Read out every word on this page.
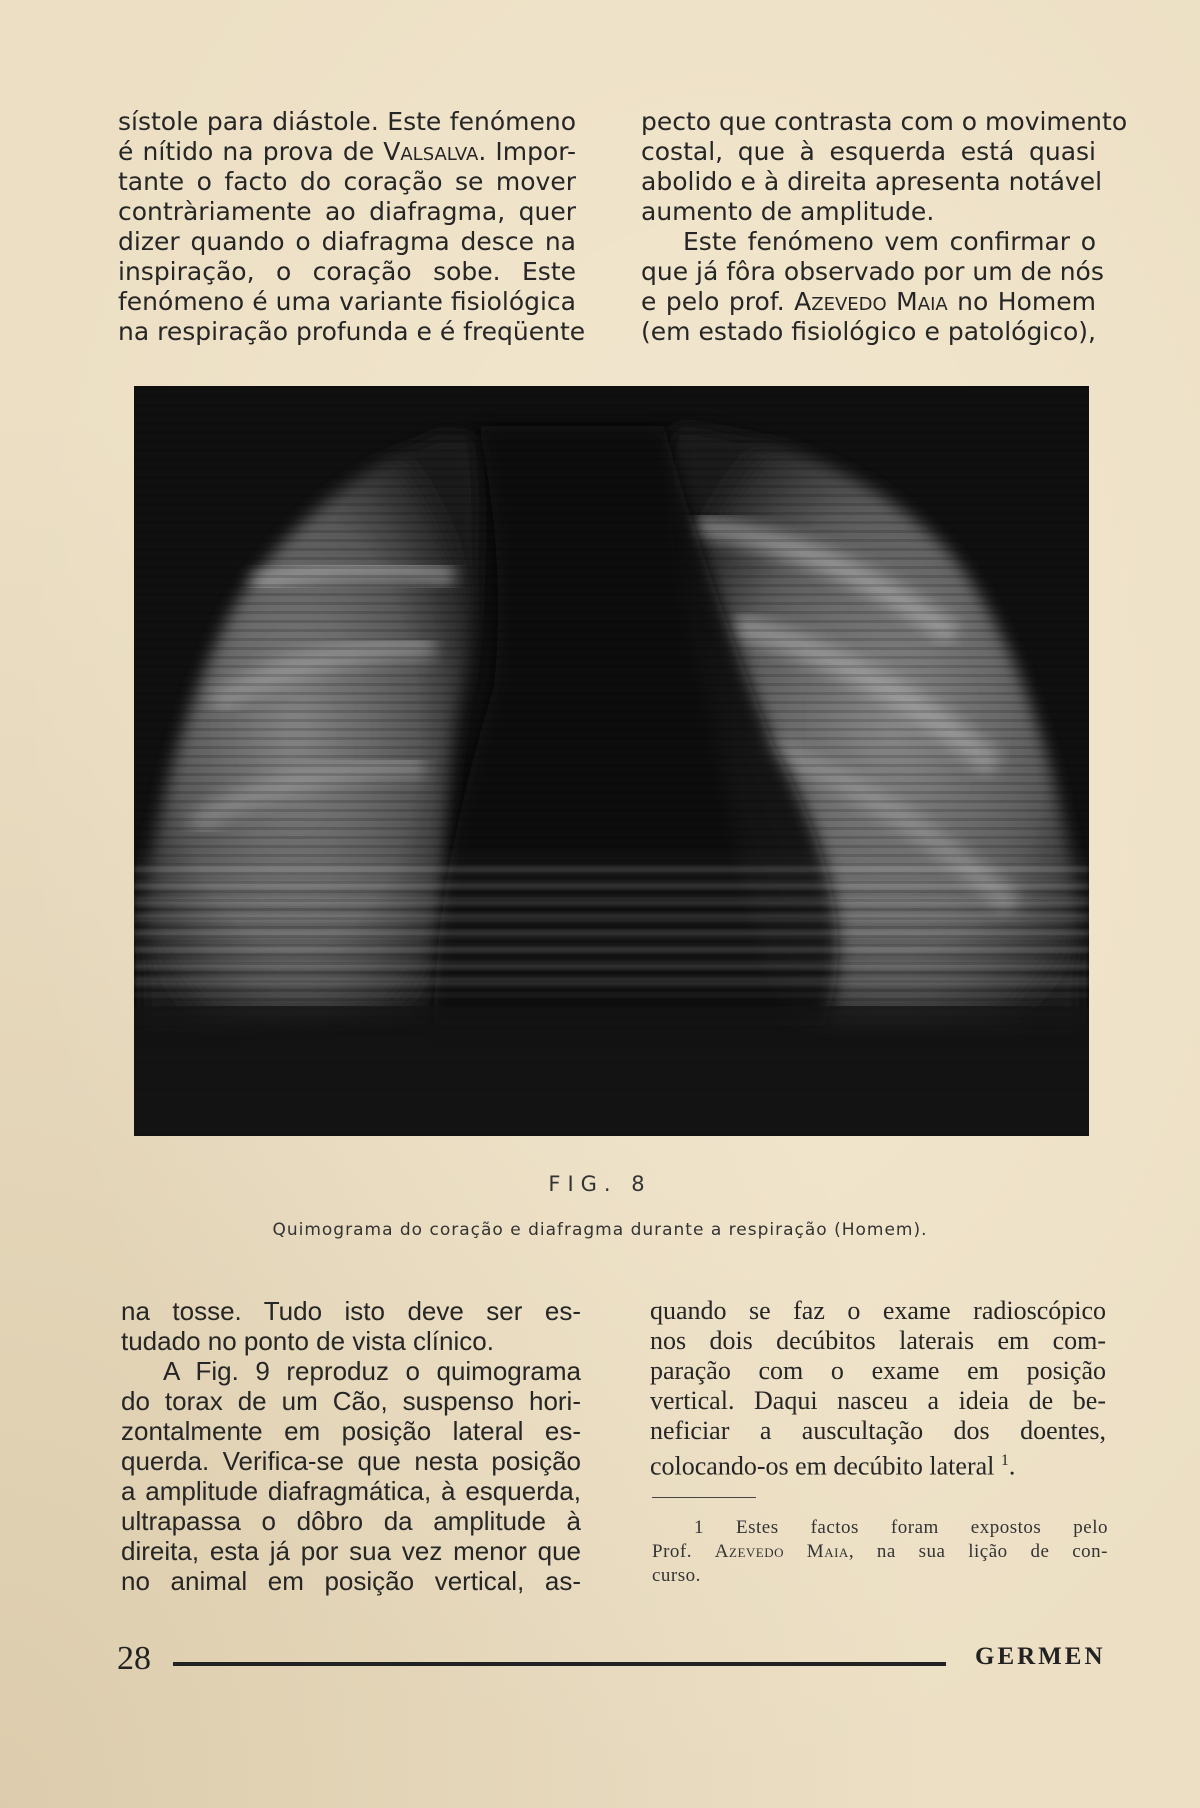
sístole para diástole. Este fenómeno
é nítido na prova de Valsalva. Impor-
tante o facto do coração se mover
contràriamente ao diafragma, quer
dizer quando o diafragma desce na
inspiração, o coração sobe. Este
fenómeno é uma variante fisiológica
na respiração profunda e é freqüente
pecto que contrasta com o movimento
costal, que à esquerda está quasi
abolido e à direita apresenta notável
aumento de amplitude.
Este fenómeno vem confirmar o
que já fôra observado por um de nós
e pelo prof. Azevedo Maia no Homem
(em estado fisiológico e patológico),
FIG. 8
Quimograma do coração e diafragma durante a respiração (Homem).
na tosse. Tudo isto deve ser es-
tudado no ponto de vista clínico.
A Fig. 9 reproduz o quimograma
do torax de um Cão, suspenso hori-
zontalmente em posição lateral es-
querda. Verifica-se que nesta posição
a amplitude diafragmática, à esquerda,
ultrapassa o dôbro da amplitude à
direita, esta já por sua vez menor que
no animal em posição vertical, as-
quando se faz o exame radioscópico
nos dois decúbitos laterais em com-
paração com o exame em posição
vertical. Daqui nasceu a ideia de be-
neficiar a auscultação dos doentes,
colocando-os em decúbito lateral $^1$.
1 Estes factos foram expostos pelo
Prof. Azevedo Maia, na sua lição de con-
curso.
28	GERMEN
